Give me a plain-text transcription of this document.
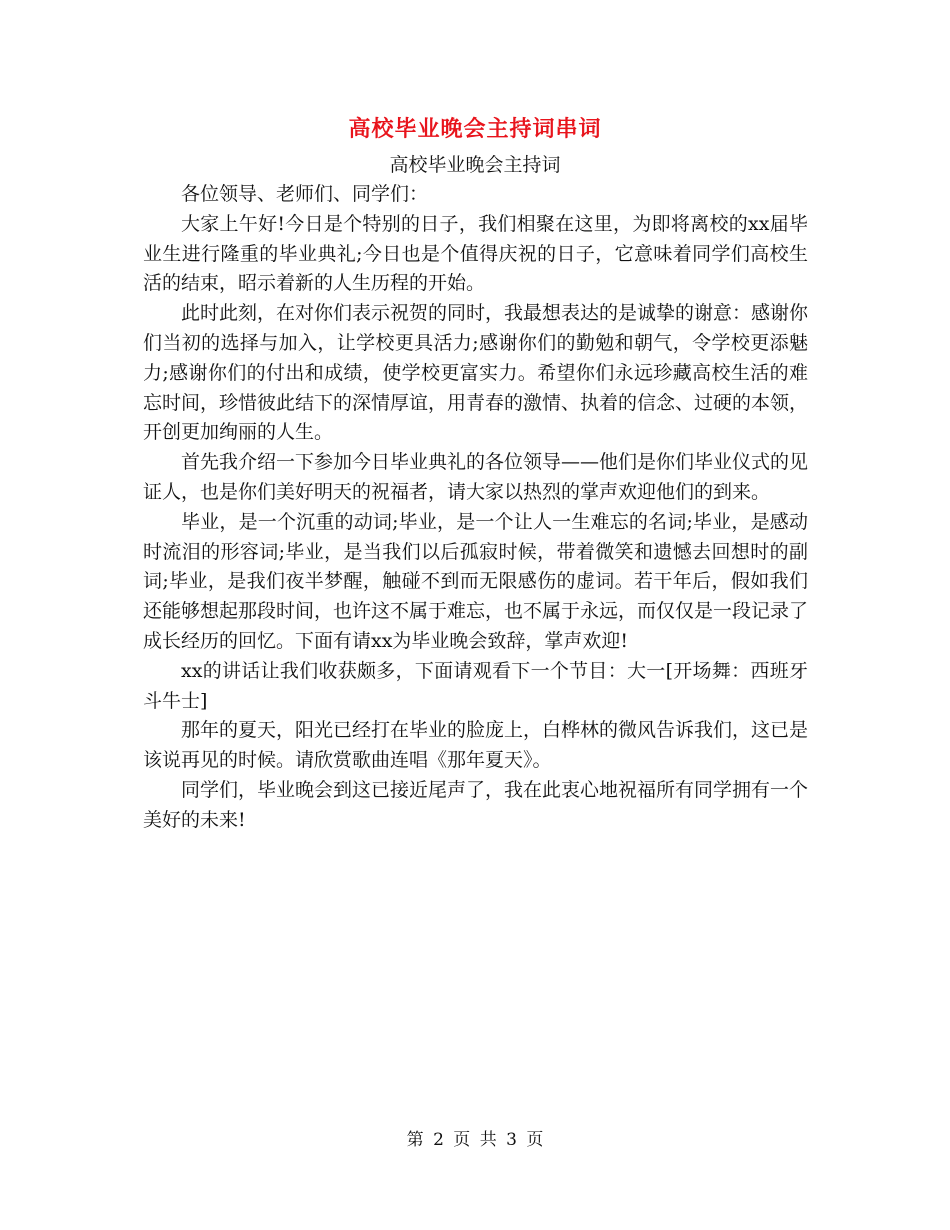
高校毕业晚会主持词串词
高校毕业晚会主持词

各位领导、老师们、同学们：

大家上午好!今日是个特别的日子，我们相聚在这里，为即将离校的xx届毕业生进行隆重的毕业典礼;今日也是个值得庆祝的日子，它意味着同学们高校生活的结束，昭示着新的人生历程的开始。

此时此刻，在对你们表示祝贺的同时，我最想表达的是诚挚的谢意：感谢你们当初的选择与加入，让学校更具活力;感谢你们的勤勉和朝气，令学校更添魅力;感谢你们的付出和成绩，使学校更富实力。希望你们永远珍藏高校生活的难忘时间，珍惜彼此结下的深情厚谊，用青春的激情、执着的信念、过硬的本领，开创更加绚丽的人生。

首先我介绍一下参加今日毕业典礼的各位领导——他们是你们毕业仪式的见证人，也是你们美好明天的祝福者，请大家以热烈的掌声欢迎他们的到来。

毕业，是一个沉重的动词;毕业，是一个让人一生难忘的名词;毕业，是感动时流泪的形容词;毕业，是当我们以后孤寂时候，带着微笑和遗憾去回想时的副词;毕业，是我们夜半梦醒，触碰不到而无限感伤的虚词。若干年后，假如我们还能够想起那段时间，也许这不属于难忘，也不属于永远，而仅仅是一段记录了成长经历的回忆。下面有请xx为毕业晚会致辞，掌声欢迎!

xx的讲话让我们收获颇多，下面请观看下一个节目：大一[开场舞：西班牙斗牛士]

那年的夏天，阳光已经打在毕业的脸庞上，白桦林的微风告诉我们，这已是该说再见的时候。请欣赏歌曲连唱《那年夏天》。

同学们，毕业晚会到这已接近尾声了，我在此衷心地祝福所有同学拥有一个美好的未来!

第 2 页 共 3 页
